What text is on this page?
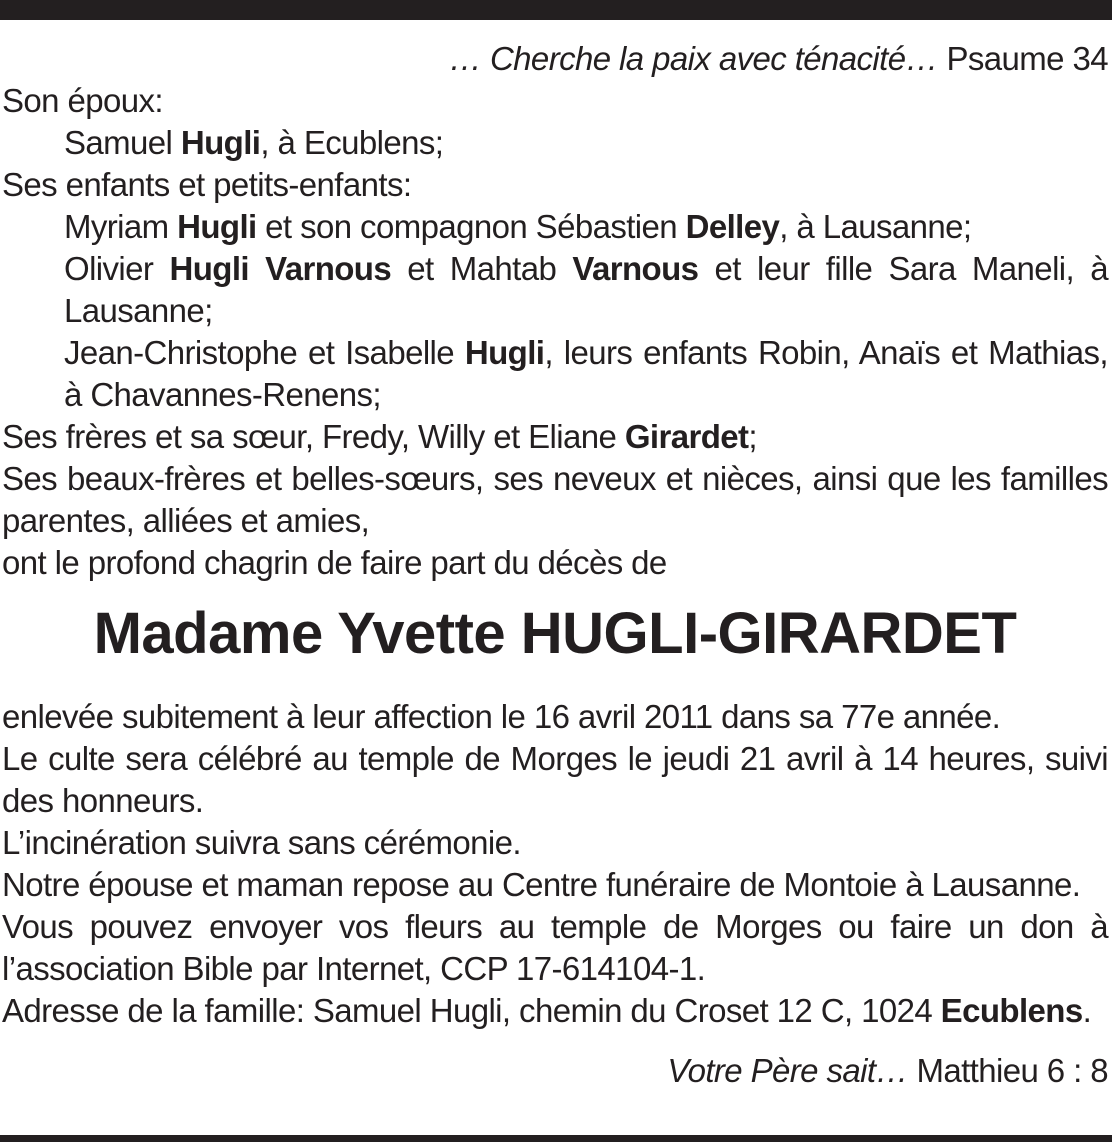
… Cherche la paix avec ténacité… Psaume 34
Son époux:
Samuel Hugli, à Ecublens;
Ses enfants et petits-enfants:
Myriam Hugli et son compagnon Sébastien Delley, à Lausanne;
Olivier Hugli Varnous et Mahtab Varnous et leur fille Sara Maneli, à Lausanne;
Jean-Christophe et Isabelle Hugli, leurs enfants Robin, Anaïs et Mathias, à Chavannes-Renens;
Ses frères et sa sœur, Fredy, Willy et Eliane Girardet;
Ses beaux-frères et belles-sœurs, ses neveux et nièces, ainsi que les familles parentes, alliées et amies,
ont le profond chagrin de faire part du décès de
Madame Yvette HUGLI-GIRARDET
enlevée subitement à leur affection le 16 avril 2011 dans sa 77e année.
Le culte sera célébré au temple de Morges le jeudi 21 avril à 14 heures, suivi des honneurs.
L’incinération suivra sans cérémonie.
Notre épouse et maman repose au Centre funéraire de Montoie à Lausanne.
Vous pouvez envoyer vos fleurs au temple de Morges ou faire un don à l’association Bible par Internet, CCP 17-614104-1.
Adresse de la famille: Samuel Hugli, chemin du Croset 12 C, 1024 Ecublens.
Votre Père sait… Matthieu 6 : 8
